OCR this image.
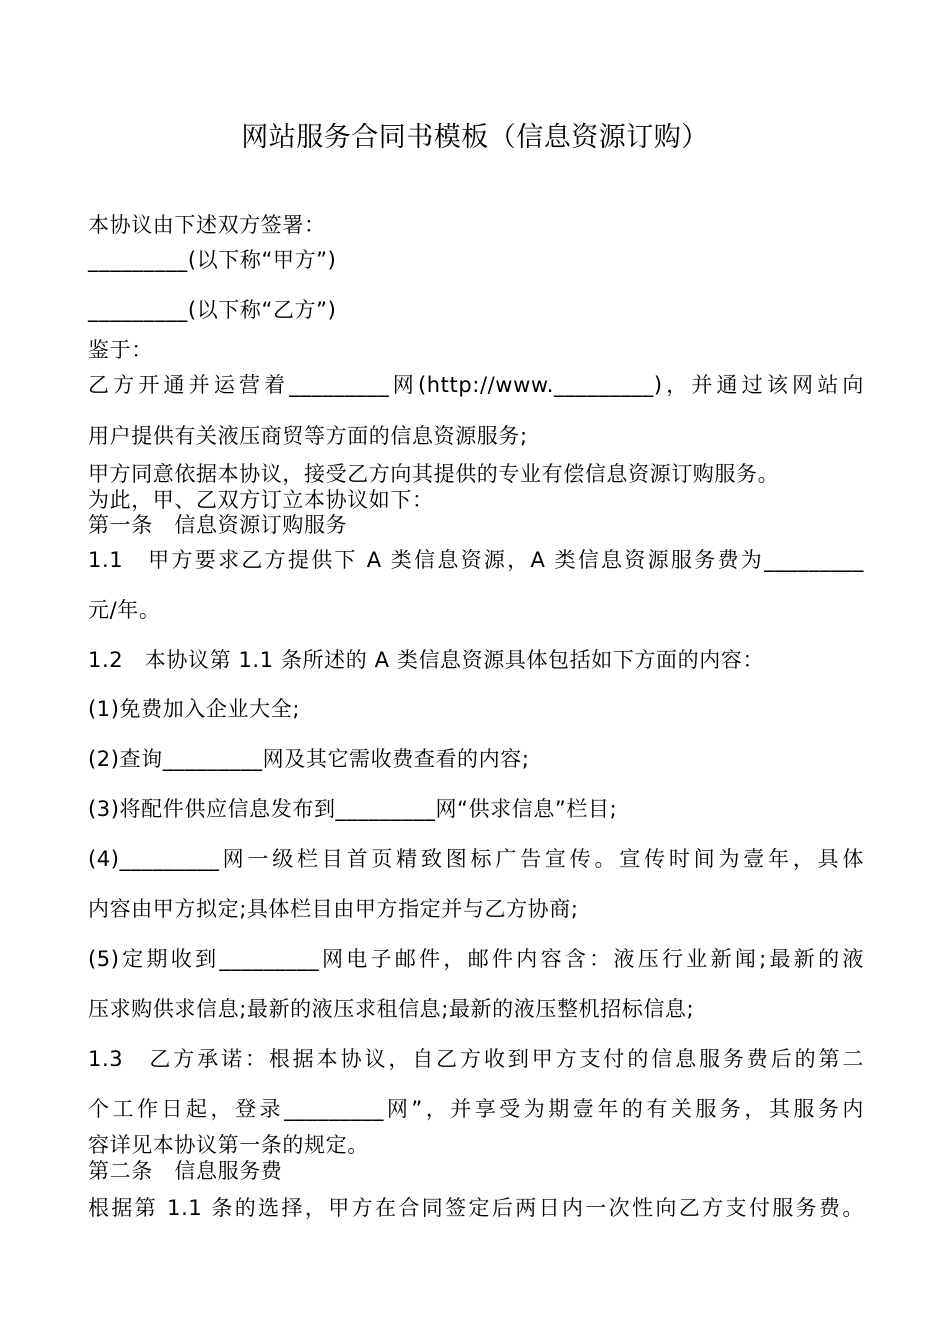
网站服务合同书模板（信息资源订购）
本协议由下述双方签署：
_________(以下称“甲方”)
_________(以下称“乙方”)
鉴于：
乙方开通并运营着_________网(http://www._________)，并通过该网站向
用户提供有关液压商贸等方面的信息资源服务;
甲方同意依据本协议，接受乙方向其提供的专业有偿信息资源订购服务。
为此，甲、乙双方订立本协议如下：
第一条　信息资源订购服务
1.1　甲方要求乙方提供下 A 类信息资源，A 类信息资源服务费为_________
元/年。
1.2　本协议第 1.1 条所述的 A 类信息资源具体包括如下方面的内容：
(1)免费加入企业大全;
(2)查询_________网及其它需收费查看的内容;
(3)将配件供应信息发布到_________网“供求信息”栏目;
(4)_________网一级栏目首页精致图标广告宣传。宣传时间为壹年，具体
内容由甲方拟定;具体栏目由甲方指定并与乙方协商;
(5)定期收到_________网电子邮件，邮件内容含：液压行业新闻;最新的液
压求购供求信息;最新的液压求租信息;最新的液压整机招标信息;
1.3　乙方承诺：根据本协议，自乙方收到甲方支付的信息服务费后的第二
个工作日起，登录_________网”，并享受为期壹年的有关服务，其服务内
容详见本协议第一条的规定。
第二条　信息服务费
根据第 1.1 条的选择，甲方在合同签定后两日内一次性向乙方支付服务费。
